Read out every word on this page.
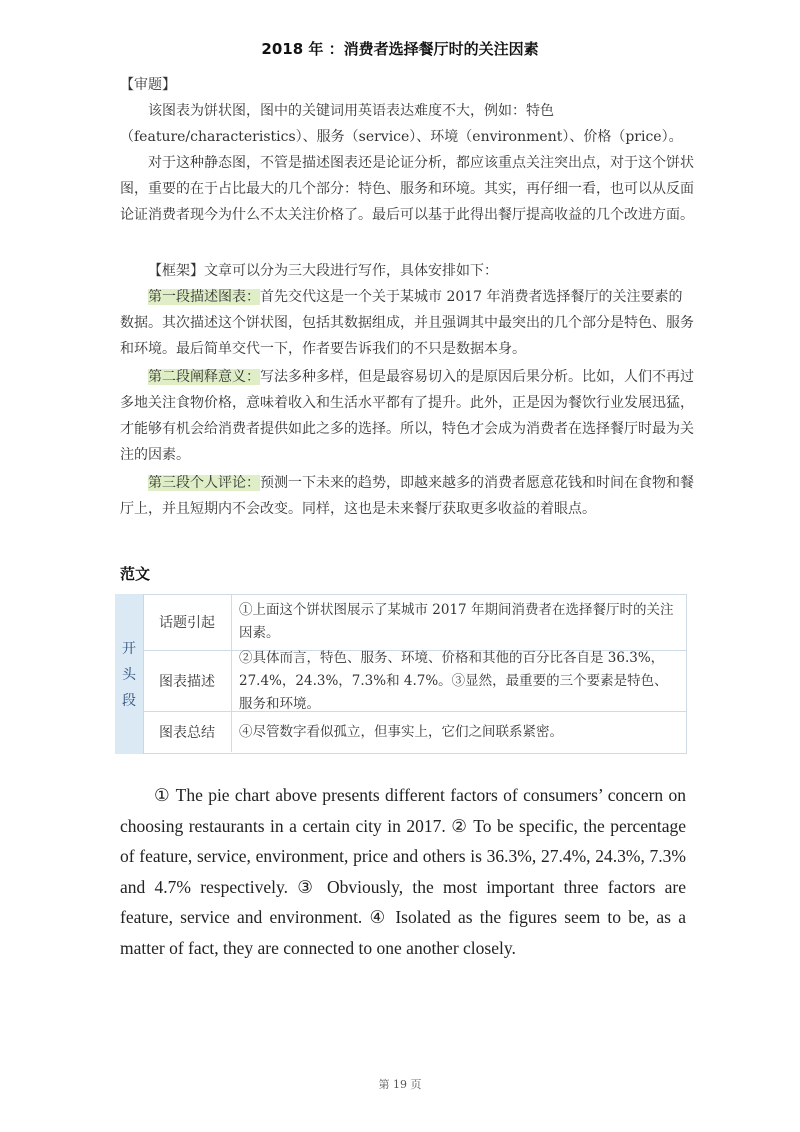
2018 年 ：消费者选择餐厅时的关注因素
【审题】
该图表为饼状图，图中的关键词用英语表达难度不大，例如：特色（feature/characteristics）、服务（service）、环境（environment）、价格（price）。
对于这种静态图，不管是描述图表还是论证分析，都应该重点关注突出点，对于这个饼状图，重要的在于占比最大的几个部分：特色、服务和环境。其实，再仔细一看，也可以从反面论证消费者现今为什么不太关注价格了。最后可以基于此得出餐厅提高收益的几个改进方面。
【框架】文章可以分为三大段进行写作，具体安排如下：
第一段描述图表：首先交代这是一个关于某城市 2017 年消费者选择餐厅的关注要素的数据。其次描述这个饼状图，包括其数据组成，并且强调其中最突出的几个部分是特色、服务和环境。最后简单交代一下，作者要告诉我们的不只是数据本身。
第二段阐释意义：写法多种多样，但是最容易切入的是原因后果分析。比如，人们不再过多地关注食物价格，意味着收入和生活水平都有了提升。此外，正是因为餐饮行业发展迅猛，才能够有机会给消费者提供如此之多的选择。所以，特色才会成为消费者在选择餐厅时最为关注的因素。
第三段个人评论：预测一下未来的趋势，即越来越多的消费者愿意花钱和时间在食物和餐厅上，并且短期内不会改变。同样，这也是未来餐厅获取更多收益的着眼点。
范文
开
头
段
话题引起
①上面这个饼状图展示了某城市 2017 年期间消费者在选择餐厅时的关注因素。
图表描述
②具体而言，特色、服务、环境、价格和其他的百分比各自是 36.3%，27.4%，24.3%，7.3%和 4.7%。③显然，最重要的三个要素是特色、服务和环境。
图表总结	④尽管数字看似孤立，但事实上，它们之间联系紧密。
① The pie chart above presents different factors of consumers’ concern on choosing restaurants in a certain city in 2017. ② To be specific, the percentage of feature, service, environment, price and others is 36.3%, 27.4%, 24.3%, 7.3% and 4.7% respectively. ③ Obviously, the most important three factors are feature, service and environment. ④ Isolated as the figures seem to be, as a matter of fact, they are connected to one another closely.
第 19 页
